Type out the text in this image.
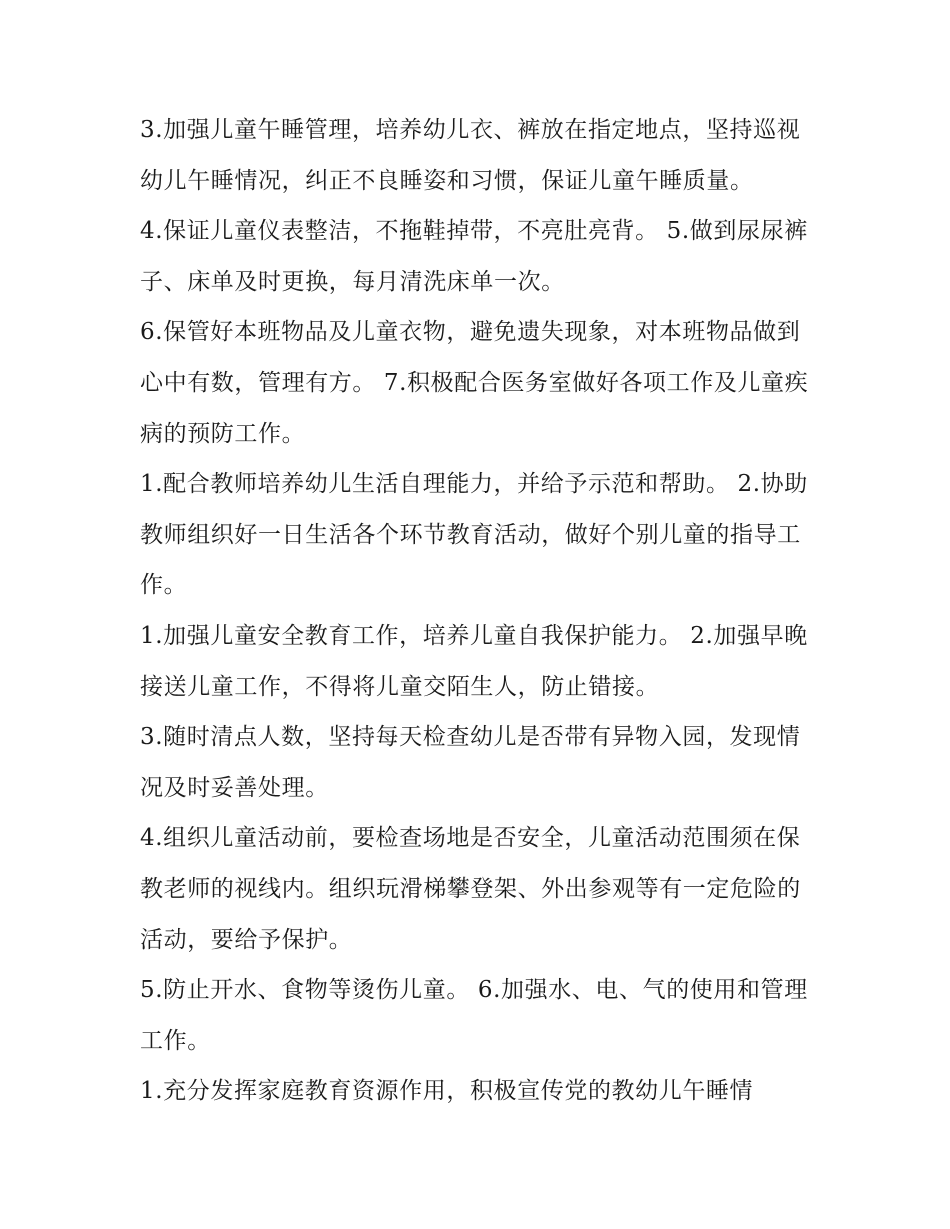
3.加强儿童午睡管理，培养幼儿衣、裤放在指定地点，坚持巡视幼儿午睡情况，纠正不良睡姿和习惯，保证儿童午睡质量。

4.保证儿童仪表整洁，不拖鞋掉带，不亮肚亮背。 5.做到尿尿裤子、床单及时更换，每月清洗床单一次。

6.保管好本班物品及儿童衣物，避免遗失现象，对本班物品做到心中有数，管理有方。 7.积极配合医务室做好各项工作及儿童疾病的预防工作。

1.配合教师培养幼儿生活自理能力，并给予示范和帮助。 2.协助教师组织好一日生活各个环节教育活动，做好个别儿童的指导工作。

1.加强儿童安全教育工作，培养儿童自我保护能力。 2.加强早晚接送儿童工作，不得将儿童交陌生人，防止错接。

3.随时清点人数，坚持每天检查幼儿是否带有异物入园，发现情况及时妥善处理。

4.组织儿童活动前，要检查场地是否安全，儿童活动范围须在保教老师的视线内。组织玩滑梯攀登架、外出参观等有一定危险的活动，要给予保护。

5.防止开水、食物等烫伤儿童。 6.加强水、电、气的使用和管理工作。

1.充分发挥家庭教育资源作用，积极宣传党的教幼儿午睡情
